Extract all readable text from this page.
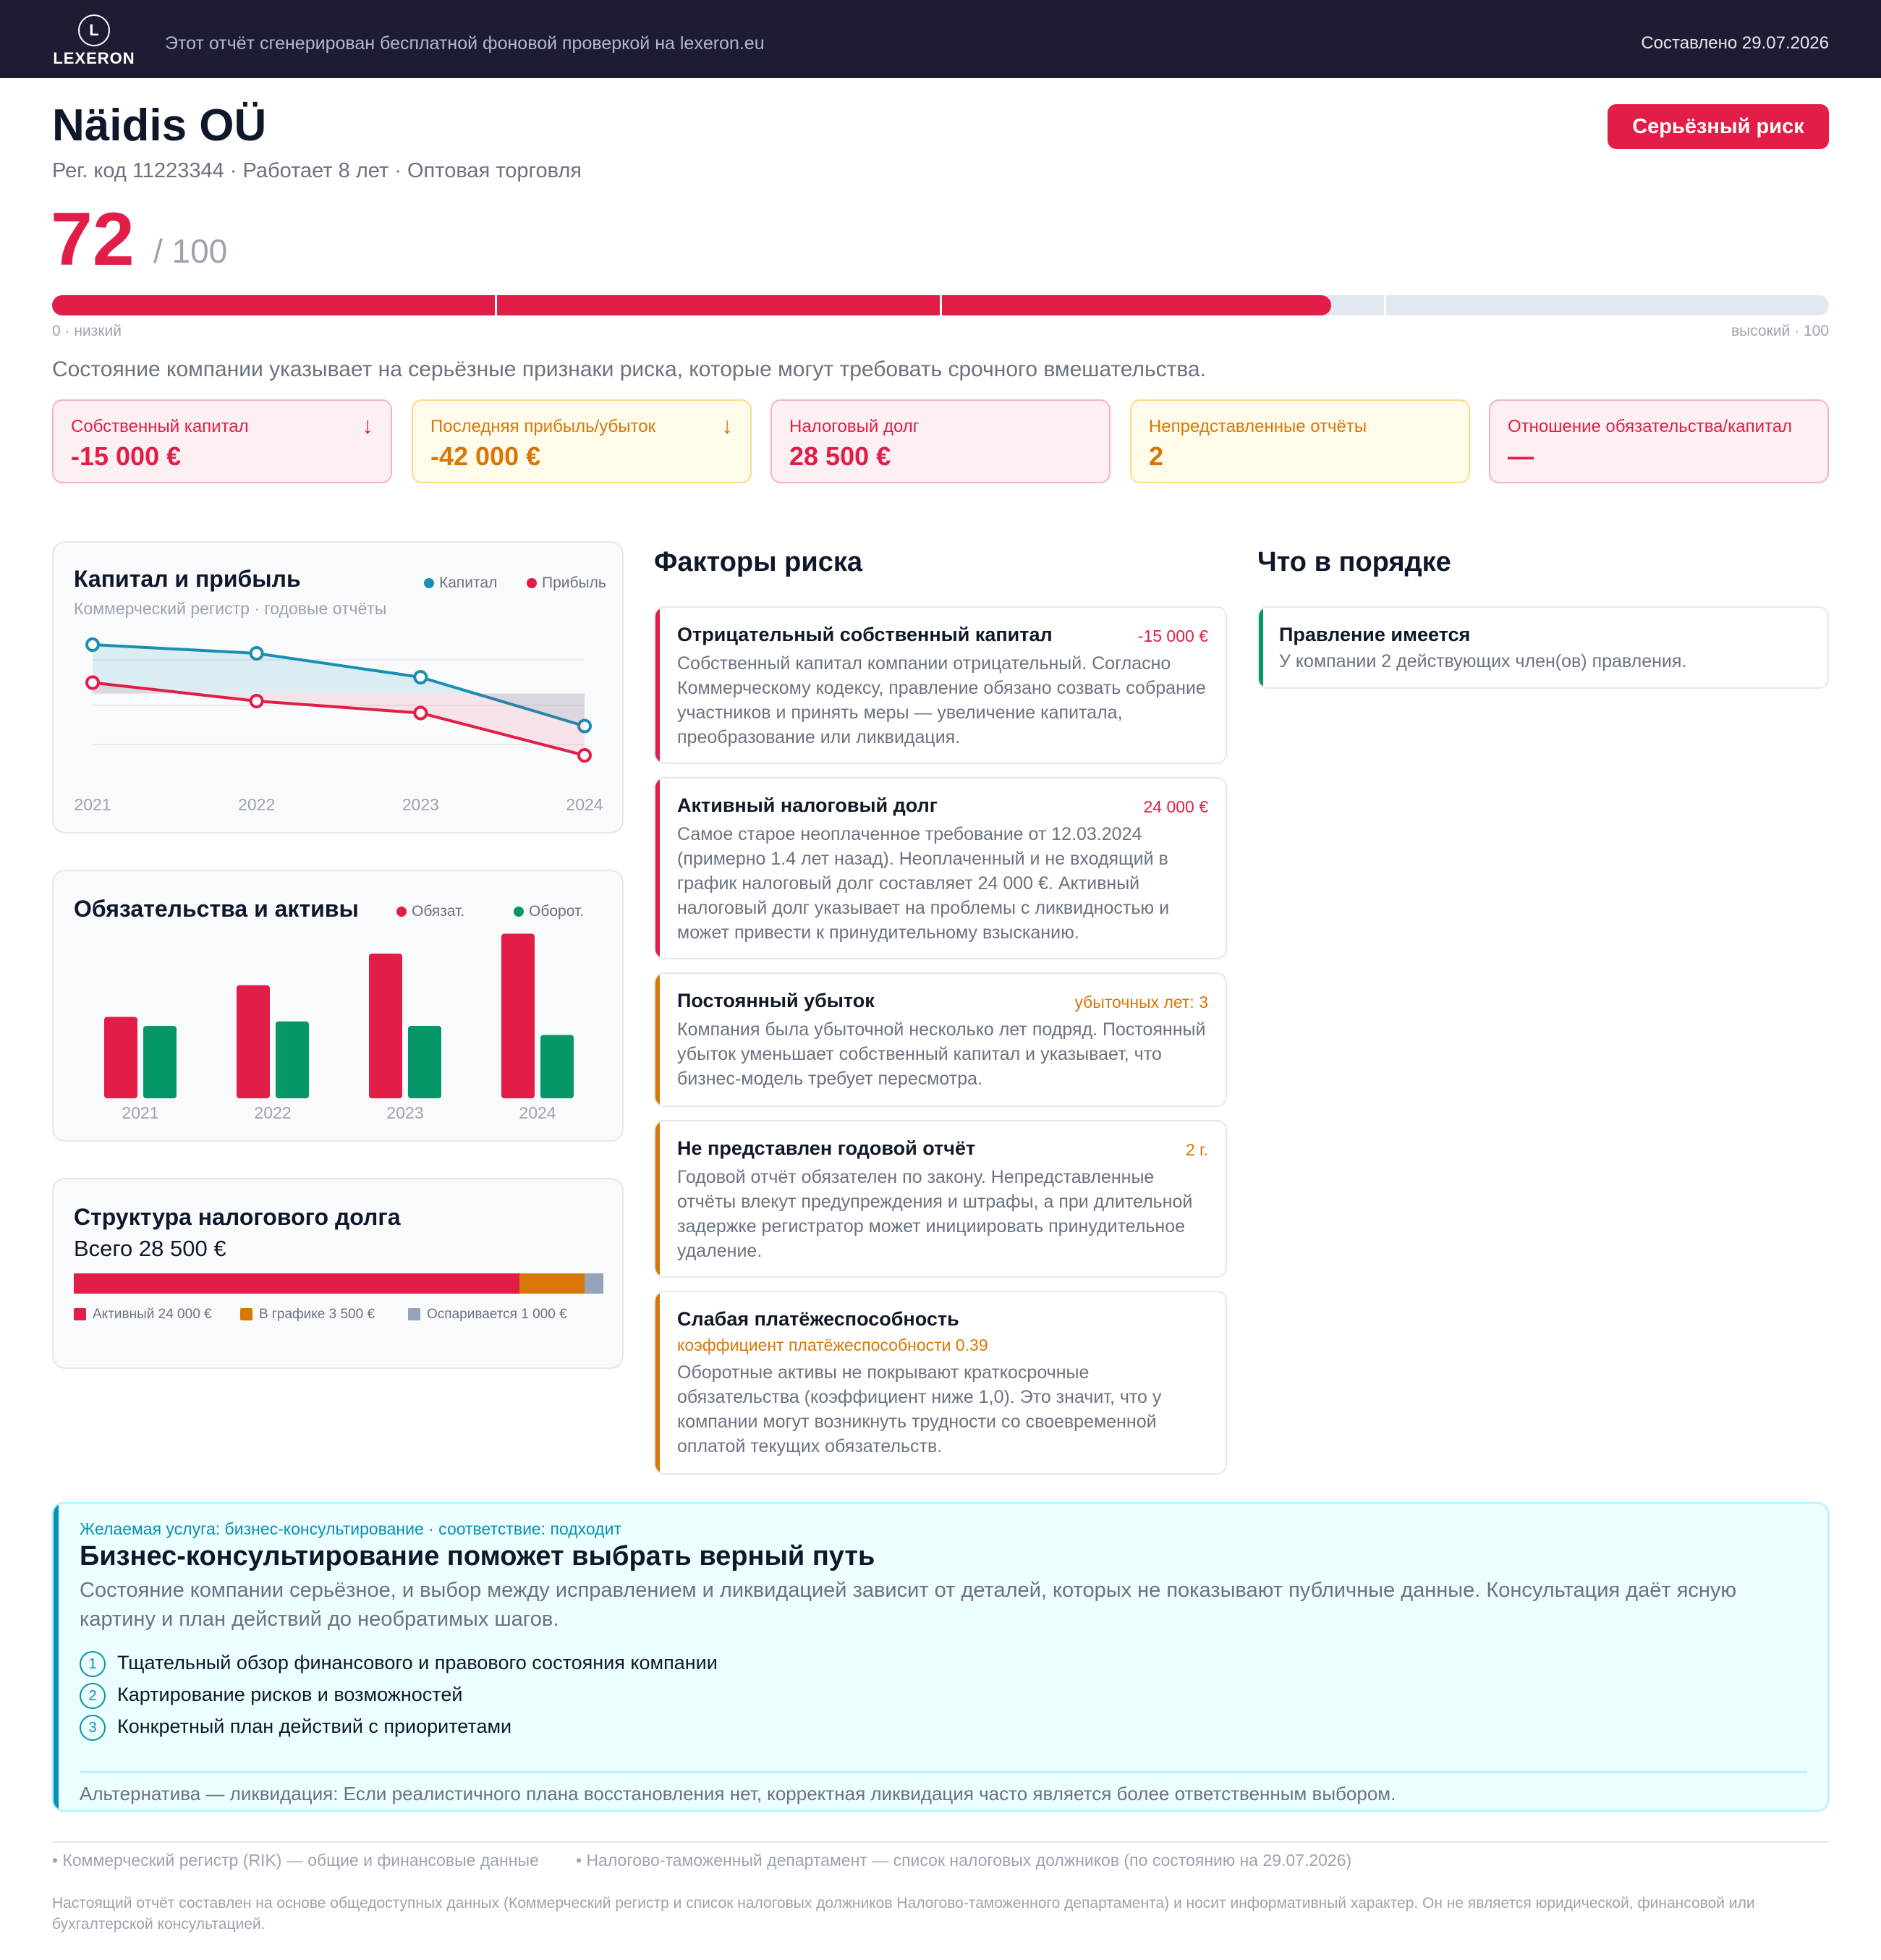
L
LEXERON
Этот отчёт сгенерирован бесплатной фоновой проверкой на lexeron.eu	Составлено 29.07.2026
Näidis OÜ
Рег. код 11223344 · Работает 8 лет · Оптовая торговля
Серьёзный риск
72 / 100
0 · низкий	высокий · 100
Состояние компании указывает на серьёзные признаки риска, которые могут требовать срочного вмешательства.
Собственный капитал
-15 000 €
↓	Последняя прибыль/убыток
-42 000 €
↓	Налоговый долг
28 500 €
Непредставленные отчёты
2
Отношение обязательства/капитал
—
Капитал и прибыль
Коммерческий регистр · годовые отчёты
Капитал	Прибыль
2021	2022	2023	2024
Обязательства и активы	Обязат.	Оборот.
2021	2022	2023	2024
Структура налогового долга
Всего 28 500 €
Активный 24 000 €	В графике 3 500 €	Оспаривается 1 000 €
Факторы риска
Отрицательный собственный капитал	-15 000 €
Собственный капитал компании отрицательный. Согласно Коммерческому кодексу, правление обязано созвать собрание участников и принять меры — увеличение капитала, преобразование или ликвидация.
Активный налоговый долг	24 000 €
Самое старое неоплаченное требование от 12.03.2024 (примерно 1.4 лет назад). Неоплаченный и не входящий в график налоговый долг составляет 24 000 €. Активный налоговый долг указывает на проблемы с ликвидностью и может привести к принудительному взысканию.
Постоянный убыток	убыточных лет: 3
Компания была убыточной несколько лет подряд. Постоянный убыток уменьшает собственный капитал и указывает, что бизнес-модель требует пересмотра.
Не представлен годовой отчёт	2 г.
Годовой отчёт обязателен по закону. Непредставленные отчёты влекут предупреждения и штрафы, а при длительной задержке регистратор может инициировать принудительное удаление.
Слабая платёжеспособность
коэффициент платёжеспособности 0.39
Оборотные активы не покрывают краткосрочные обязательства (коэффициент ниже 1,0). Это значит, что у компании могут возникнуть трудности со своевременной оплатой текущих обязательств.
Что в порядке
Правление имеется
У компании 2 действующих член(ов) правления.
Желаемая услуга: бизнес-консультирование · соответствие: подходит
Бизнес-консультирование поможет выбрать верный путь
Состояние компании серьёзное, и выбор между исправлением и ликвидацией зависит от деталей, которых не показывают публичные данные. Консультация даёт ясную картину и план действий до необратимых шагов.
1 Тщательный обзор финансового и правового состояния компании
2 Картирование рисков и возможностей
3 Конкретный план действий с приоритетами
Альтернатива — ликвидация: Если реалистичного плана восстановления нет, корректная ликвидация часто является более ответственным выбором.
• Коммерческий регистр (RIK) — общие и финансовые данные • Налогово-таможенный департамент — список налоговых должников (по состоянию на 29.07.2026)
Настоящий отчёт составлен на основе общедоступных данных (Коммерческий регистр и список налоговых должников Налогово-таможенного департамента) и носит информативный характер. Он не является юридической, финансовой или бухгалтерской консультацией.
